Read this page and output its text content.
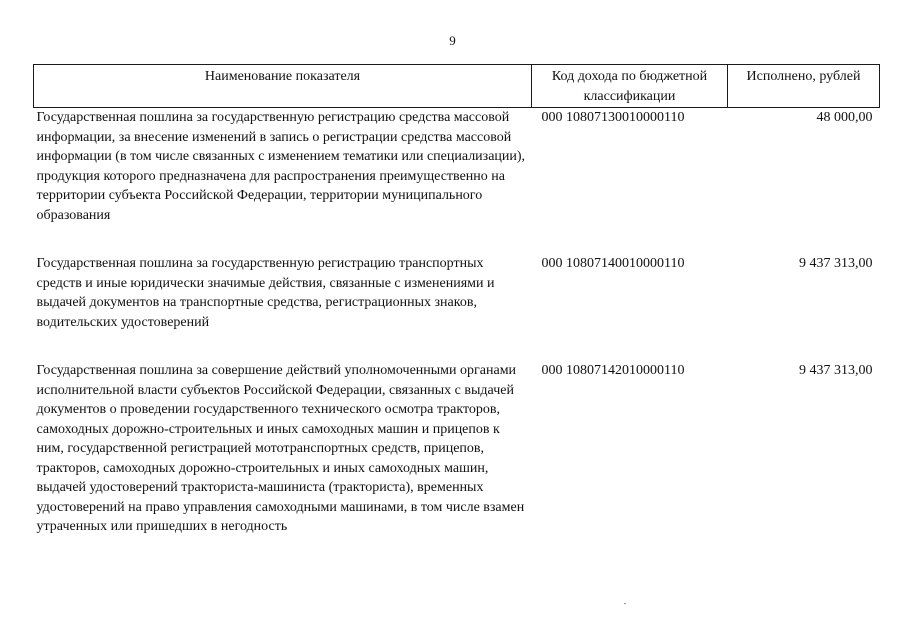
9
Наименование показателя	Код дохода по бюджетной классификации	Исполнено, рублей
Государственная пошлина за государственную регистрацию средства массовой информации, за внесение изменений в запись о регистрации средства массовой информации (в том числе связанных с изменением тематики или специализации), продукция которого предназначена для распространения преимущественно на территории субъекта Российской Федерации, территории муниципального образования	000 10807130010000110	48 000,00
Государственная пошлина за государственную регистрацию транспортных средств и иные юридически значимые действия, связанные с изменениями и выдачей документов на транспортные средства, регистрационных знаков, водительских удостоверений	000 10807140010000110	9 437 313,00
Государственная пошлина за совершение действий уполномоченными органами исполнительной власти субъектов Российской Федерации, связанных с выдачей документов о проведении государственного технического осмотра тракторов, самоходных дорожно-строительных и иных самоходных машин и прицепов к ним, государственной регистрацией мототранспортных средств, прицепов, тракторов, самоходных дорожно-строительных и иных самоходных машин, выдачей удостоверений тракториста-машиниста (тракториста), временных удостоверений на право управления самоходными машинами, в том числе взамен утраченных или пришедших в негодность	000 10807142010000110	9 437 313,00
